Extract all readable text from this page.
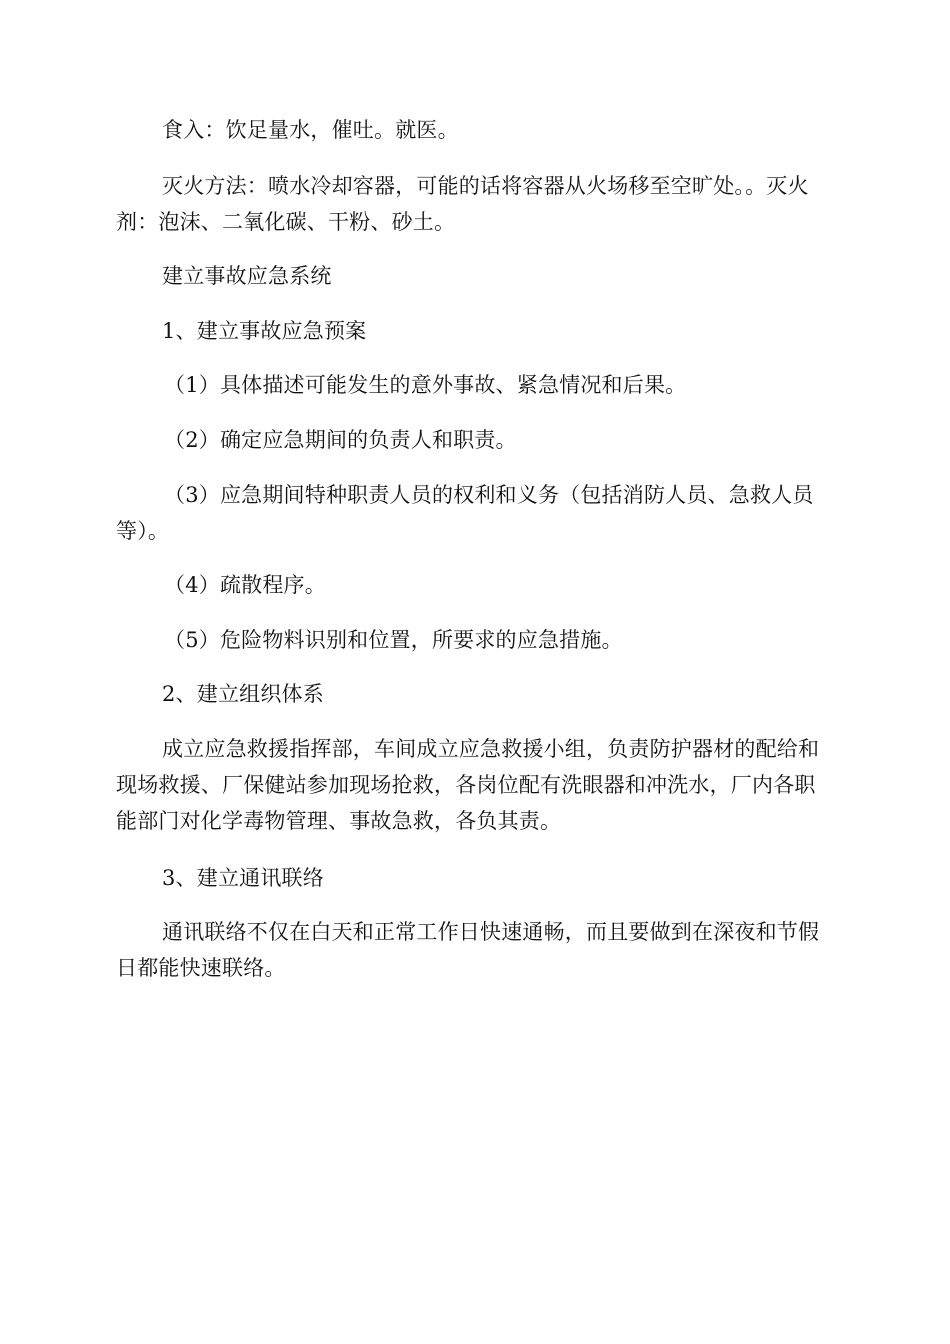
食入：饮足量水，催吐。就医。

灭火方法：喷水冷却容器，可能的话将容器从火场移至空旷处。。灭火剂：泡沫、二氧化碳、干粉、砂土。

建立事故应急系统

1、建立事故应急预案

（1）具体描述可能发生的意外事故、紧急情况和后果。

（2）确定应急期间的负责人和职责。

（3）应急期间特种职责人员的权利和义务（包括消防人员、急救人员等）。

（4）疏散程序。

（5）危险物料识别和位置，所要求的应急措施。

2、建立组织体系

成立应急救援指挥部，车间成立应急救援小组，负责防护器材的配给和现场救援、厂保健站参加现场抢救，各岗位配有洗眼器和冲洗水，厂内各职能部门对化学毒物管理、事故急救，各负其责。

3、建立通讯联络

通讯联络不仅在白天和正常工作日快速通畅，而且要做到在深夜和节假日都能快速联络。
